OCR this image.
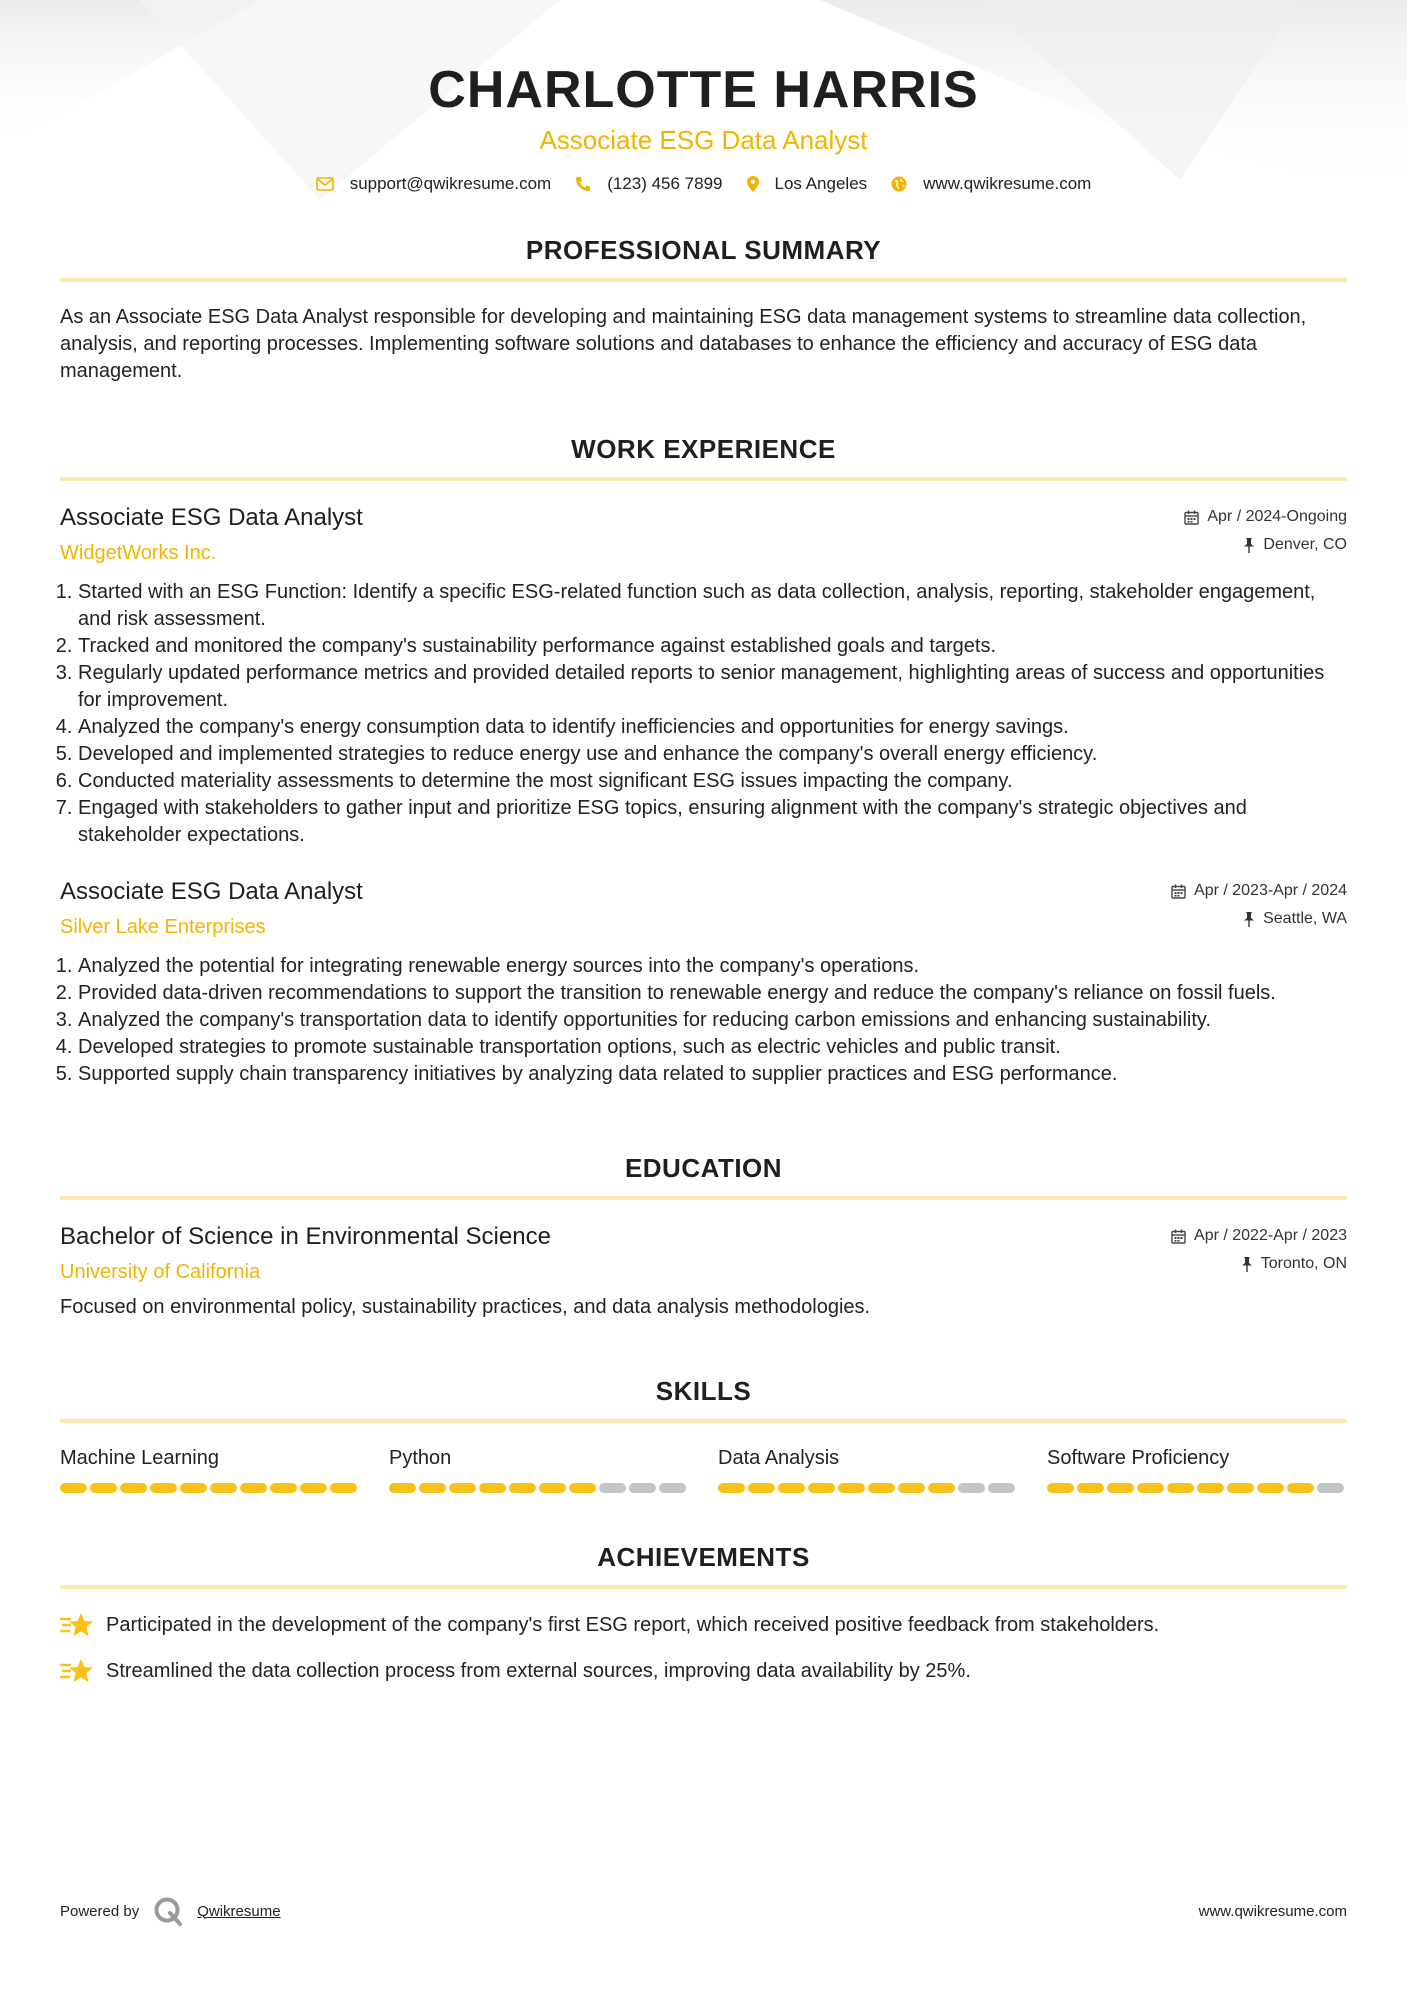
CHARLOTTE HARRIS
Associate ESG Data Analyst
support@qwikresume.com	(123) 456 7899	Los Angeles	www.qwikresume.com
PROFESSIONAL SUMMARY

As an Associate ESG Data Analyst responsible for developing and maintaining ESG data management systems to streamline data collection, analysis, and reporting processes. Implementing software solutions and databases to enhance the efficiency and accuracy of ESG data management.

WORK EXPERIENCE
Associate ESG Data Analyst
WidgetWorks Inc.
Apr / 2024-Ongoing
Denver, CO
1. Started with an ESG Function: Identify a specific ESG-related function such as data collection, analysis, reporting, stakeholder engagement, and risk assessment.
2. Tracked and monitored the company's sustainability performance against established goals and targets.
3. Regularly updated performance metrics and provided detailed reports to senior management, highlighting areas of success and opportunities for improvement.
4. Analyzed the company's energy consumption data to identify inefficiencies and opportunities for energy savings.
5. Developed and implemented strategies to reduce energy use and enhance the company's overall energy efficiency.
6. Conducted materiality assessments to determine the most significant ESG issues impacting the company.
7. Engaged with stakeholders to gather input and prioritize ESG topics, ensuring alignment with the company's strategic objectives and stakeholder expectations.
Associate ESG Data Analyst
Silver Lake Enterprises
Apr / 2023-Apr / 2024
Seattle, WA
1. Analyzed the potential for integrating renewable energy sources into the company's operations.
2. Provided data-driven recommendations to support the transition to renewable energy and reduce the company's reliance on fossil fuels.
3. Analyzed the company's transportation data to identify opportunities for reducing carbon emissions and enhancing sustainability.
4. Developed strategies to promote sustainable transportation options, such as electric vehicles and public transit.
5. Supported supply chain transparency initiatives by analyzing data related to supplier practices and ESG performance.
EDUCATION
Bachelor of Science in Environmental Science
University of California
Apr / 2022-Apr / 2023
Toronto, ON

Focused on environmental policy, sustainability practices, and data analysis methodologies.

SKILLS
Machine Learning	Python	Data Analysis	Software Proficiency
ACHIEVEMENTS
Participated in the development of the company's first ESG report, which received positive feedback from stakeholders.
Streamlined the data collection process from external sources, improving data availability by 25%.
Powered by	Qwikresume	www.qwikresume.com
